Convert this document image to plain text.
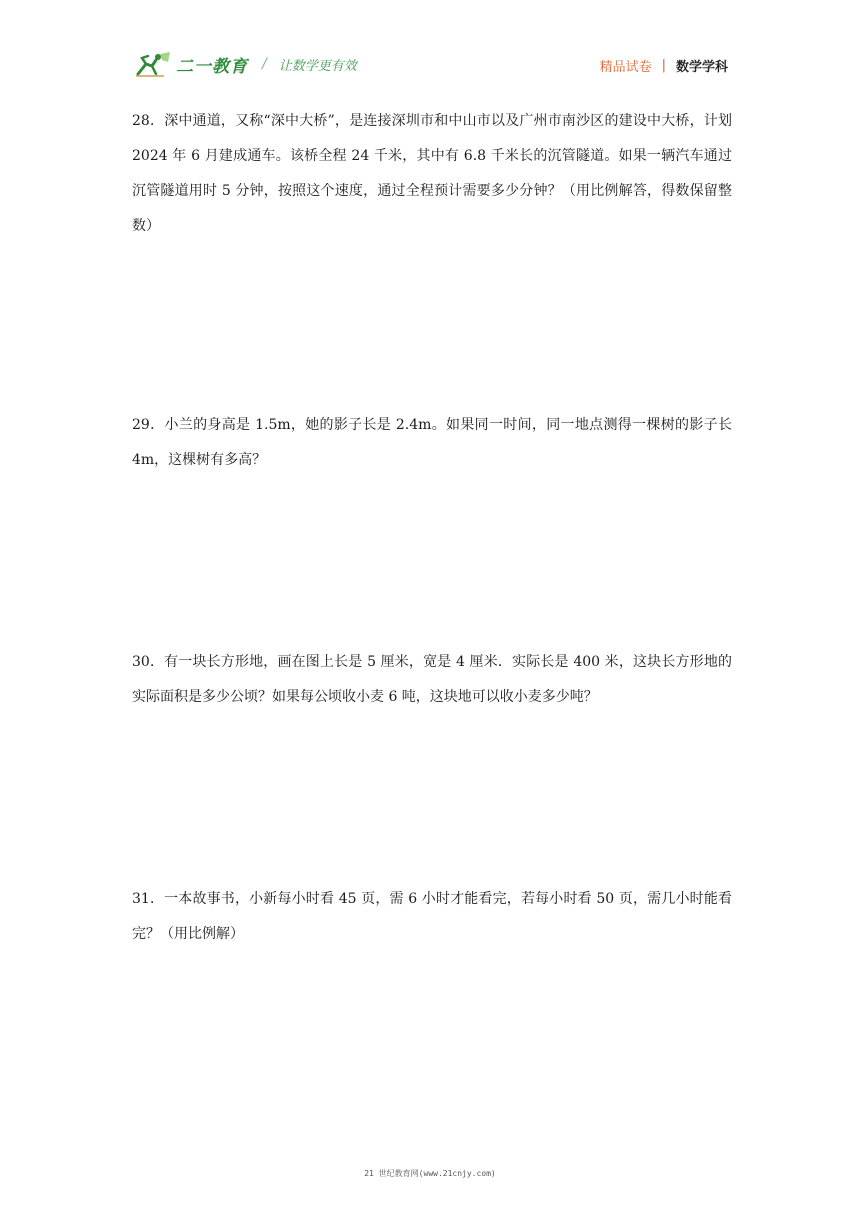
二一教育 / 让数学更有效	精品试卷 | 数学学科
28．深中通道，又称“深中大桥”，是连接深圳市和中山市以及广州市南沙区的建设中大桥，计划 2024 年 6 月建成通车。该桥全程 24 千米，其中有 6.8 千米长的沉管隧道。如果一辆汽车通过沉管隧道用时 5 分钟，按照这个速度，通过全程预计需要多少分钟？（用比例解答，得数保留整数）
29．小兰的身高是 1.5m，她的影子长是 2.4m。如果同一时间，同一地点测得一棵树的影子长 4m，这棵树有多高？
30．有一块长方形地，画在图上长是 5 厘米，宽是 4 厘米．实际长是 400 米，这块长方形地的实际面积是多少公顷？如果每公顷收小麦 6 吨，这块地可以收小麦多少吨？
31．一本故事书，小新每小时看 45 页，需 6 小时才能看完，若每小时看 50 页，需几小时能看完？（用比例解）
21 世纪教育网(www.21cnjy.com)
